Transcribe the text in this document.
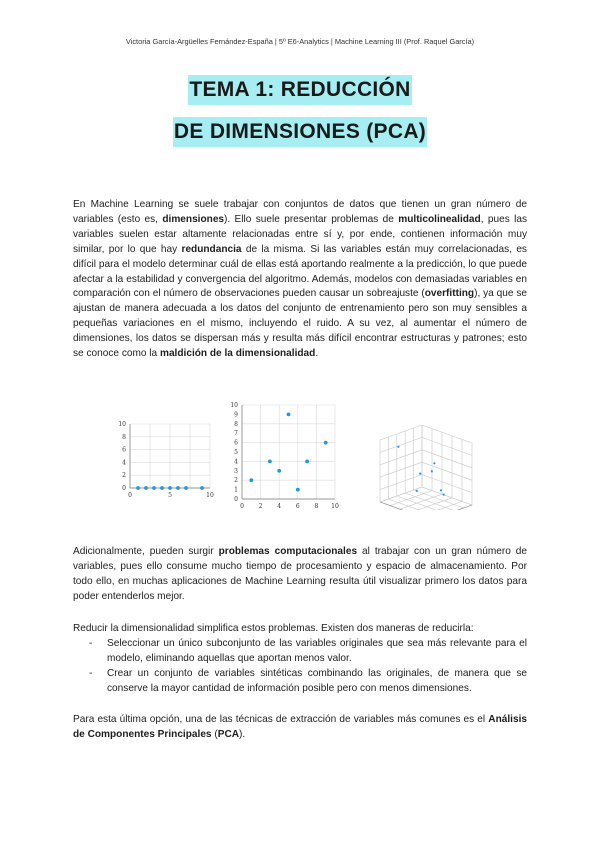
Victoria García-Argüelles Fernández-España | 5º E6-Analytics | Machine Learning III (Prof. Raquel García)
TEMA 1: REDUCCIÓN
DE DIMENSIONES (PCA)

En Machine Learning se suele trabajar con conjuntos de datos que tienen un gran número de variables (esto es, dimensiones). Ello suele presentar problemas de multicolinealidad, pues las variables suelen estar altamente relacionadas entre sí y, por ende, contienen información muy similar, por lo que hay redundancia de la misma. Si las variables están muy correlacionadas, es difícil para el modelo determinar cuál de ellas está aportando realmente a la predicción, lo que puede afectar a la estabilidad y convergencia del algoritmo. Además, modelos con demasiadas variables en comparación con el número de observaciones pueden causar un sobreajuste (overfitting), ya que se ajustan de manera adecuada a los datos del conjunto de entrenamiento pero son muy sensibles a pequeñas variaciones en el mismo, incluyendo el ruido. A su vez, al aumentar el número de dimensiones, los datos se dispersan más y resulta más difícil encontrar estructuras y patrones; esto se conoce como la maldición de la dimensionalidad.

0	5	10
0
2
4
6
8
10
0 2 4 6 8 10
0
1
2
3
4
5
6
7
8
9
10

Adicionalmente, pueden surgir problemas computacionales al trabajar con un gran número de variables, pues ello consume mucho tiempo de procesamiento y espacio de almacenamiento. Por todo ello, en muchas aplicaciones de Machine Learning resulta útil visualizar primero los datos para poder entenderlos mejor.

Reducir la dimensionalidad simplifica estos problemas. Existen dos maneras de reducirla:
- Seleccionar un único subconjunto de las variables originales que sea más relevante para el modelo, eliminando aquellas que aportan menos valor.
- Crear un conjunto de variables sintéticas combinando las originales, de manera que se conserve la mayor cantidad de información posible pero con menos dimensiones.

Para esta última opción, una de las técnicas de extracción de variables más comunes es el Análisis de Componentes Principales (PCA).
